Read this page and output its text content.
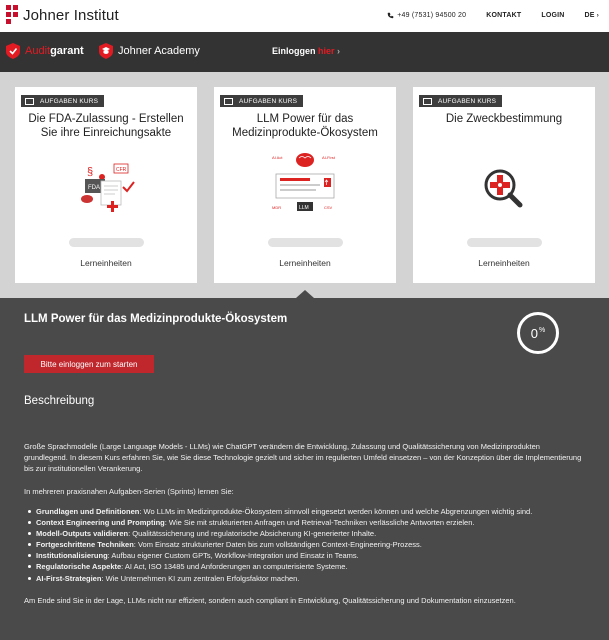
Johner Institut	+49 (7531) 94500 20	KONTAKT	LOGIN	DE ›
Audit garant	Johner Academy	Einloggen hier ›
AUFGABEN KURS
Die FDA-Zulassung - Erstellen Sie ihre Einreichungsakte
§	CFR
FDA
Lerneinheiten
AUFGABEN KURS
LLM Power für das Medizinprodukte-Ökosystem
AI Act	AI-First
MDR	LLM	CSV
Lerneinheiten
AUFGABEN KURS
Die Zweckbestimmung
Lerneinheiten
LLM Power für das Medizinprodukte-Ökosystem
0%
Bitte einloggen zum starten
Beschreibung
Große Sprachmodelle (Large Language Models - LLMs) wie ChatGPT verändern die Entwicklung, Zulassung und Qualitätssicherung von Medizinprodukten grundlegend. In diesem Kurs erfahren Sie, wie Sie diese Technologie gezielt und sicher im regulierten Umfeld einsetzen – von der Konzeption über die Implementierung bis zur institutionellen Verankerung.
In mehreren praxisnahen Aufgaben-Serien (Sprints) lernen Sie:
Grundlagen und Definitionen: Wo LLMs im Medizinprodukte-Ökosystem sinnvoll eingesetzt werden können und welche Abgrenzungen wichtig sind.
Context Engineering und Prompting: Wie Sie mit strukturierten Anfragen und Retrieval-Techniken verlässliche Antworten erzielen.
Modell-Outputs validieren: Qualitätssicherung und regulatorische Absicherung KI-generierter Inhalte.
Fortgeschrittene Techniken: Vom Einsatz strukturierter Daten bis zum vollständigen Context-Engineering-Prozess.
Institutionalisierung: Aufbau eigener Custom GPTs, Workflow-Integration und Einsatz in Teams.
Regulatorische Aspekte: AI Act, ISO 13485 und Anforderungen an computerisierte Systeme.
AI-First-Strategien: Wie Unternehmen KI zum zentralen Erfolgsfaktor machen.
Am Ende sind Sie in der Lage, LLMs nicht nur effizient, sondern auch compliant in Entwicklung, Qualitätssicherung und Dokumentation einzusetzen.
